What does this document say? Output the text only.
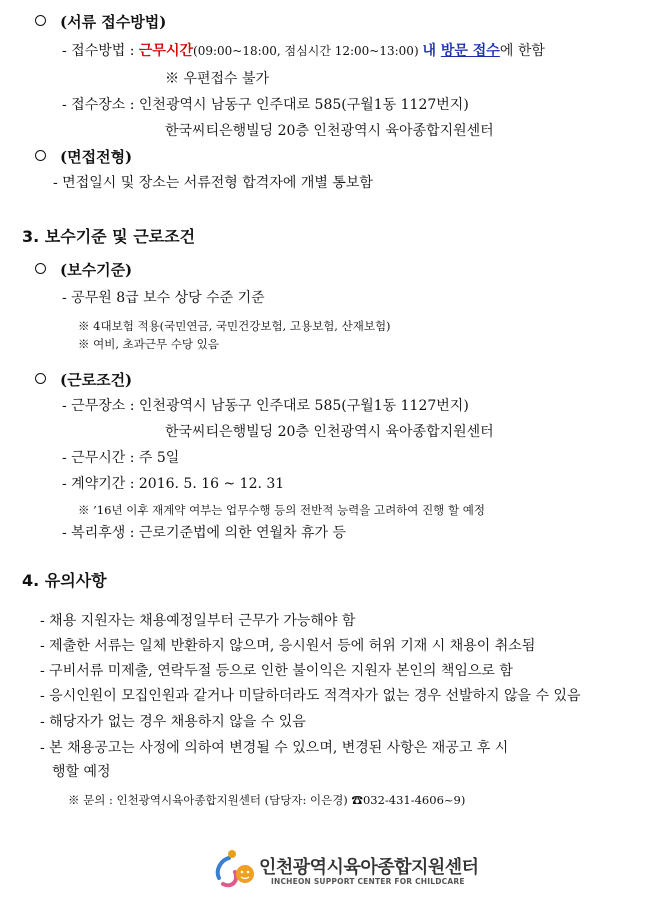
(서류 접수방법)
- 접수방법 : 근무시간(09:00~18:00, 점심시간 12:00~13:00) 내 방문 접수에 한함
※ 우편접수 불가
- 접수장소 : 인천광역시 남동구 인주대로 585(구월1동 1127번지)
한국씨티은행빌딩 20층 인천광역시 육아종합지원센터
(면접전형)
- 면접일시 및 장소는 서류전형 합격자에 개별 통보함
3. 보수기준 및 근로조건
(보수기준)
- 공무원 8급 보수 상당 수준 기준
※ 4대보험 적용(국민연금, 국민건강보험, 고용보험, 산재보험)
※ 여비, 초과근무 수당 있음
(근로조건)
- 근무장소 : 인천광역시 남동구 인주대로 585(구월1동 1127번지)
한국씨티은행빌딩 20층 인천광역시 육아종합지원센터
- 근무시간 : 주 5일
- 계약기간 : 2016. 5. 16 ~ 12. 31
※ ’16년 이후 재계약 여부는 업무수행 등의 전반적 능력을 고려하여 진행 할 예정
- 복리후생 : 근로기준법에 의한 연월차 휴가 등
4. 유의사항
- 채용 지원자는 채용예정일부터 근무가 가능해야 함
- 제출한 서류는 일체 반환하지 않으며, 응시원서 등에 허위 기재 시 채용이 취소됨
- 구비서류 미제출, 연락두절 등으로 인한 불이익은 지원자 본인의 책임으로 함
- 응시인원이 모집인원과 같거나 미달하더라도 적격자가 없는 경우 선발하지 않을 수 있음
- 해당자가 없는 경우 채용하지 않을 수 있음
- 본 채용공고는 사정에 의하여 변경될 수 있으며, 변경된 사항은 재공고 후 시
행할 예정
※ 문의 : 인천광역시육아종합지원센터 (담당자: 이은경) ☎032-431-4606~9)
인천광역시육아종합지원센터
INCHEON SUPPORT CENTER FOR CHILDCARE
